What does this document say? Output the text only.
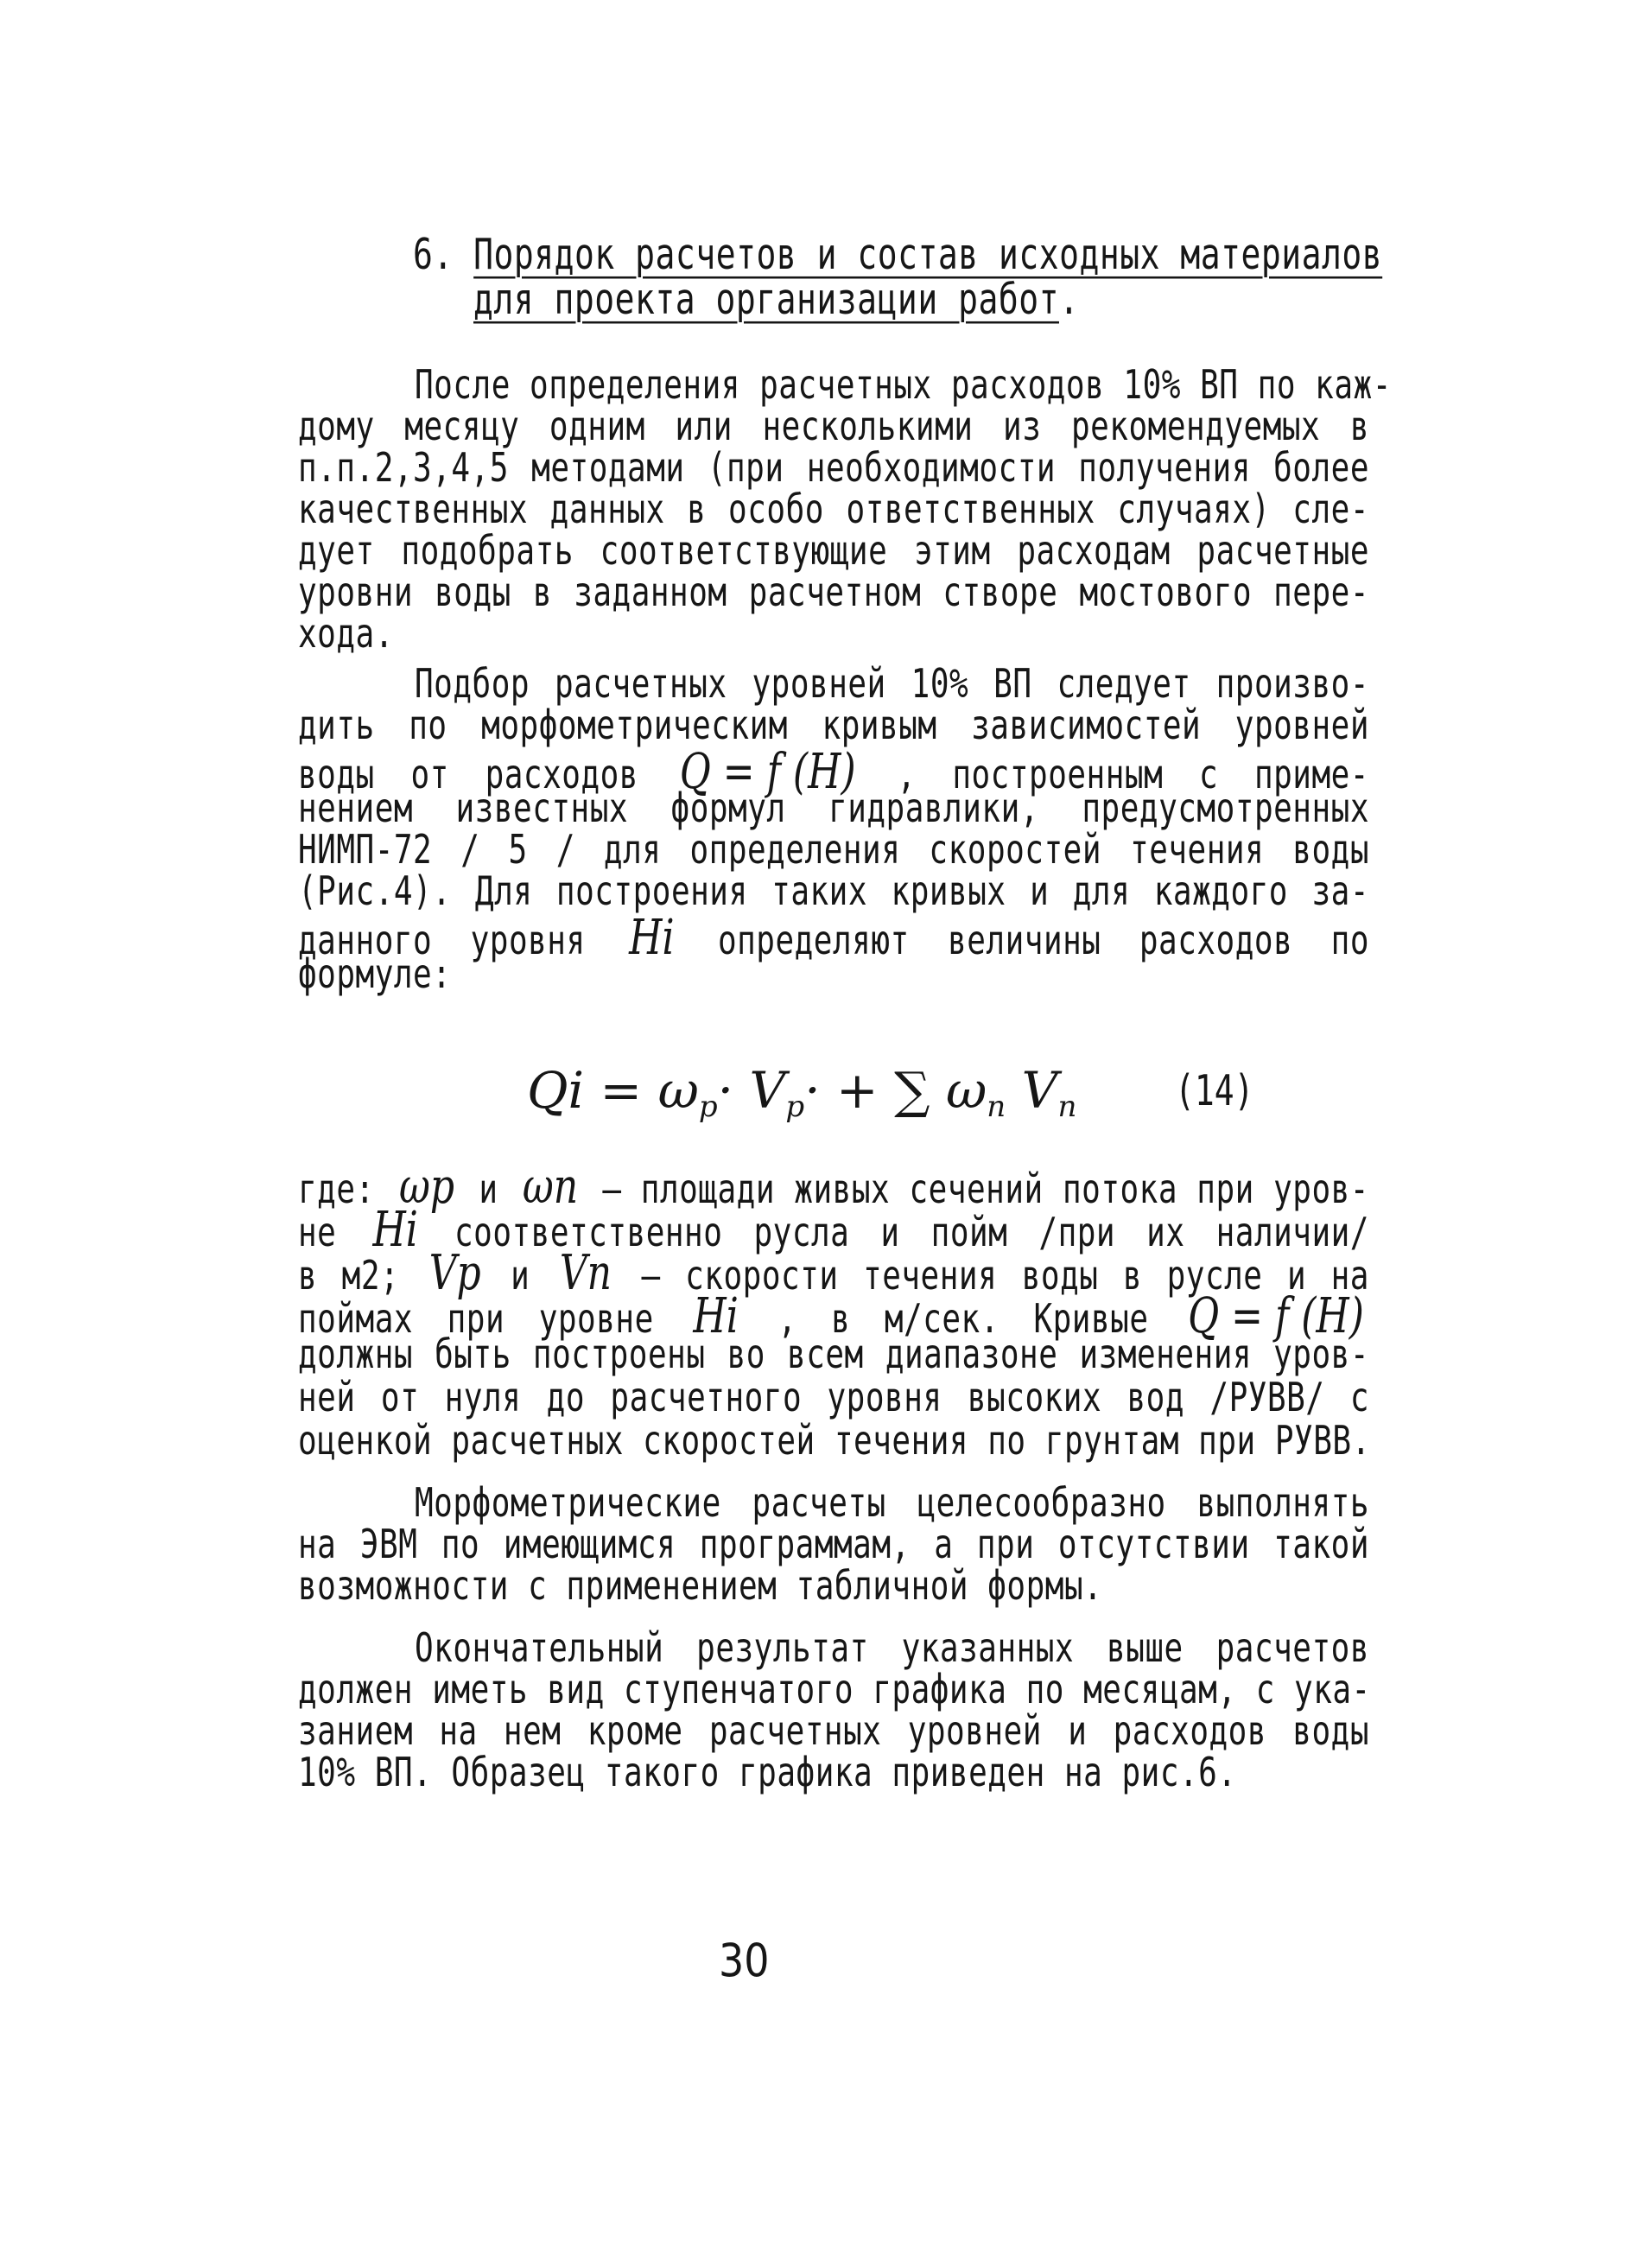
6. Порядок расчетов и состав исходных материалов
для проекта организации работ.
После определения расчетных расходов 10% ВП по каж-
дому месяцу одним или несколькими из рекомендуемых в
п.п.2,3,4,5 методами (при необходимости получения более
качественных данных в особо ответственных случаях) сле-
дует подобрать соответствующие этим расходам расчетные
уровни воды в заданном расчетном створе мостового пере-
хода.
Подбор расчетных уровней 10% ВП следует произво-
дить по морфометрическим кривым зависимостей уровней
воды от расходов Q = f (H) , построенным с приме-
нением известных формул гидравлики, предусмотренных
НИМП-72 / 5 / для определения скоростей течения воды
(Рис.4). Для построения таких кривых и для каждого за-
данного уровня Hi определяют величины расходов по
формуле:
$Qi = \omega_p\cdot V_p\cdot$ + ∑ $\omega_n$ $V_n$	(14)
где: ωp и ωn – площади живых сечений потока при уров-
не Hi соответственно русла и пойм /при их наличии/
в м2; Vp и Vn – скорости течения воды в русле и на
поймах при уровне Hi , в м/сек. Кривые Q = f (H)
должны быть построены во всем диапазоне изменения уров-
ней от нуля до расчетного уровня высоких вод /РУВВ/ с
оценкой расчетных скоростей течения по грунтам при РУВВ.
Морфометрические расчеты целесообразно выполнять
на ЭВМ по имеющимся программам, а при отсутствии такой
возможности с применением табличной формы.
Окончательный результат указанных выше расчетов
должен иметь вид ступенчатого графика по месяцам, с ука-
занием на нем кроме расчетных уровней и расходов воды
10% ВП. Образец такого графика приведен на рис.6.
30
